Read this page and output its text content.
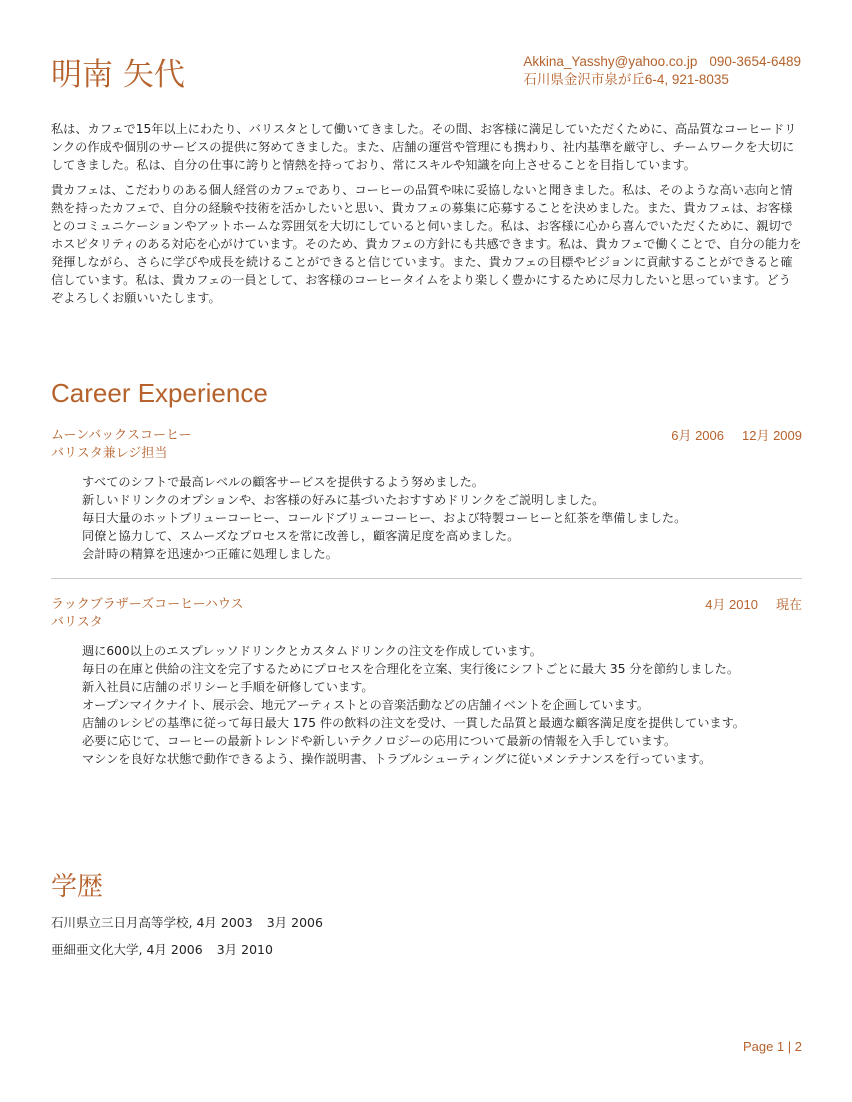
明南 矢代	Akkina_Yasshy@yahoo.co.jp 090-3654-6489
石川県金沢市泉が丘6-4, 921-8035

私は、カフェで15年以上にわたり、バリスタとして働いてきました。その間、お客様に満足していただくために、高品質なコーヒードリンクの作成や個別のサービスの提供に努めてきました。また、店舗の運営や管理にも携わり、社内基準を厳守し、チームワークを大切にしてきました。私は、自分の仕事に誇りと情熱を持っており、常にスキルや知識を向上させることを目指しています。

貴カフェは、こだわりのある個人経営のカフェであり、コーヒーの品質や味に妥協しないと聞きました。私は、そのような高い志向と情熱を持ったカフェで、自分の経験や技術を活かしたいと思い、貴カフェの募集に応募することを決めました。また、貴カフェは、お客様とのコミュニケーションやアットホームな雰囲気を大切にしていると伺いました。私は、お客様に心から喜んでいただくために、親切でホスピタリティのある対応を心がけています。そのため、貴カフェの方針にも共感できます。私は、貴カフェで働くことで、自分の能力を発揮しながら、さらに学びや成長を続けることができると信じています。また、貴カフェの目標やビジョンに貢献することができると確信しています。私は、貴カフェの一員として、お客様のコーヒータイムをより楽しく豊かにするために尽力したいと思っています。どうぞよろしくお願いいたします。

Career Experience
ムーンバックスコーヒー
バリスタ兼レジ担当
6月 2006 12月 2009
すべてのシフトで最高レベルの顧客サービスを提供するよう努めました。
新しいドリンクのオプションや、お客様の好みに基づいたおすすめドリンクをご説明しました。
毎日大量のホットブリューコーヒー、コールドブリューコーヒー、および特製コーヒーと紅茶を準備しました。
同僚と協力して、スムーズなプロセスを常に改善し，顧客満足度を高めました。
会計時の精算を迅速かつ正確に処理しました。
ラックブラザーズコーヒーハウス
バリスタ
4月 2010 現在
週に600以上のエスプレッソドリンクとカスタムドリンクの注文を作成しています。
毎日の在庫と供給の注文を完了するためにプロセスを合理化を立案、実行後にシフトごとに最大 35 分を節約しました。
新入社員に店舗のポリシーと手順を研修しています。
オープンマイクナイト、展示会、地元アーティストとの音楽活動などの店舗イベントを企画しています。
店舗のレシピの基準に従って毎日最大 175 件の飲料の注文を受け、一貫した品質と最適な顧客満足度を提供しています。
必要に応じて、コーヒーの最新トレンドや新しいテクノロジーの応用について最新の情報を入手しています。
マシンを良好な状態で動作できるよう、操作説明書、トラブルシューティングに従いメンテナンスを行っています。
学歴
石川県立三日月高等学校, 4月 2003 3月 2006
亜細亜文化大学, 4月 2006 3月 2010
Page 1 | 2
